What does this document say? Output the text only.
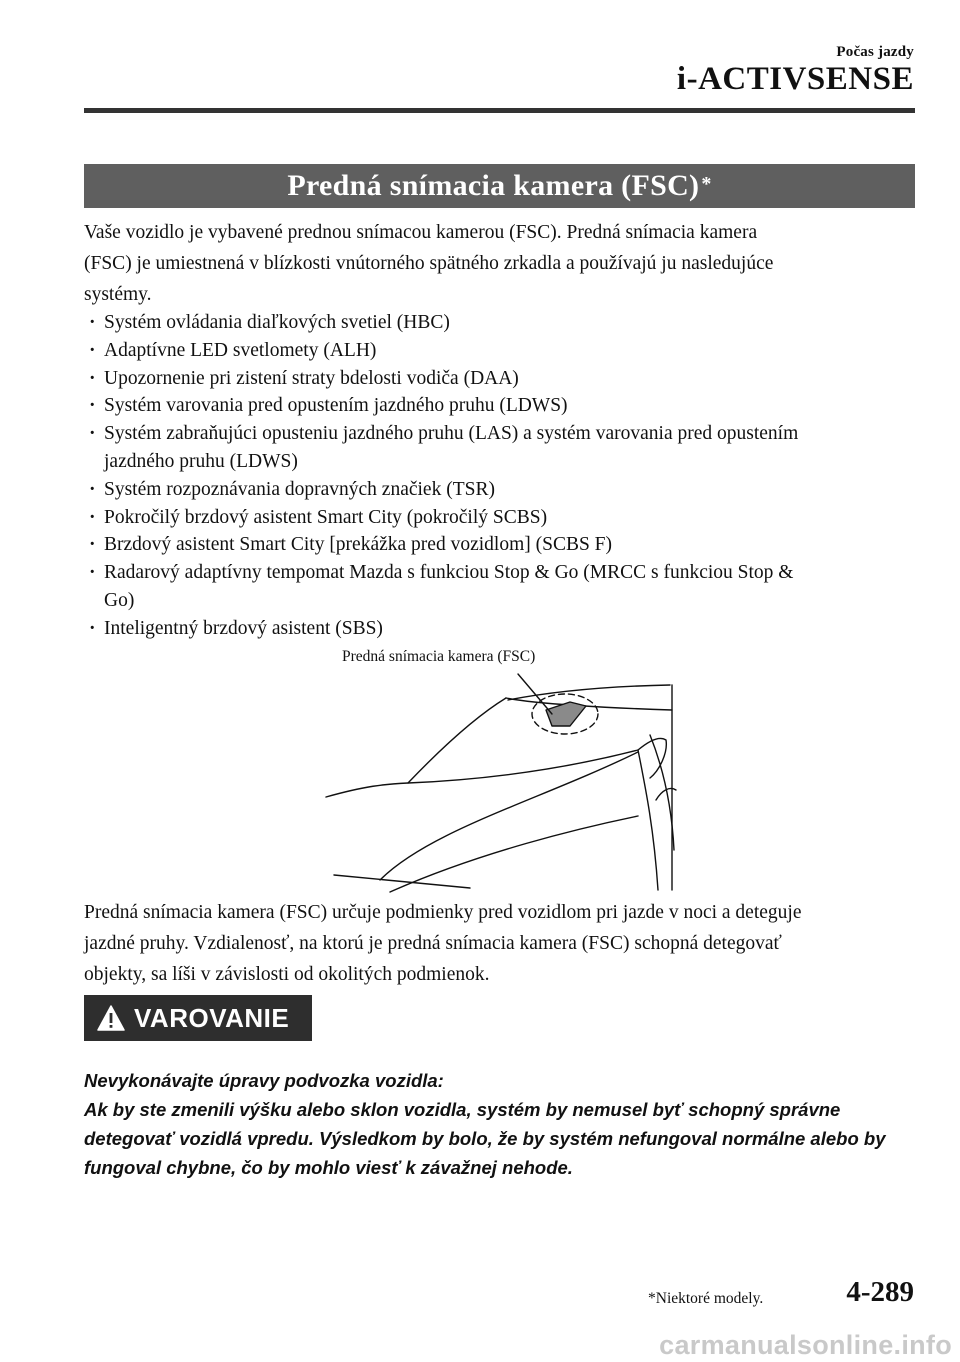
Počas jazdy
i-ACTIVSENSE
Predná snímacia kamera (FSC)*
Vaše vozidlo je vybavené prednou snímacou kamerou (FSC). Predná snímacia kamera
(FSC) je umiestnená v blízkosti vnútorného spätného zrkadla a používajú ju nasledujúce
systémy.
· Systém ovládania diaľkových svetiel (HBC)
· Adaptívne LED svetlomety (ALH)
· Upozornenie pri zistení straty bdelosti vodiča (DAA)
· Systém varovania pred opustením jazdného pruhu (LDWS)
· Systém zabraňujúci opusteniu jazdného pruhu (LAS) a systém varovania pred opustením
jazdného pruhu (LDWS)
· Systém rozpoznávania dopravných značiek (TSR)
· Pokročilý brzdový asistent Smart City (pokročilý SCBS)
· Brzdový asistent Smart City [prekážka pred vozidlom] (SCBS F)
· Radarový adaptívny tempomat Mazda s funkciou Stop & Go (MRCC s funkciou Stop &
Go)
· Inteligentný brzdový asistent (SBS)
Predná snímacia kamera (FSC)
Predná snímacia kamera (FSC) určuje podmienky pred vozidlom pri jazde v noci a deteguje
jazdné pruhy. Vzdialenosť, na ktorú je predná snímacia kamera (FSC) schopná detegovať
objekty, sa líši v závislosti od okolitých podmienok.
VAROVANIE
Nevykonávajte úpravy podvozka vozidla:
Ak by ste zmenili výšku alebo sklon vozidla, systém by nemusel byť schopný správne
detegovať vozidlá vpredu. Výsledkom by bolo, že by systém nefungoval normálne alebo by
fungoval chybne, čo by mohlo viesť k závažnej nehode.
*Niektoré modely.	4-289
carmanualsonline.info
